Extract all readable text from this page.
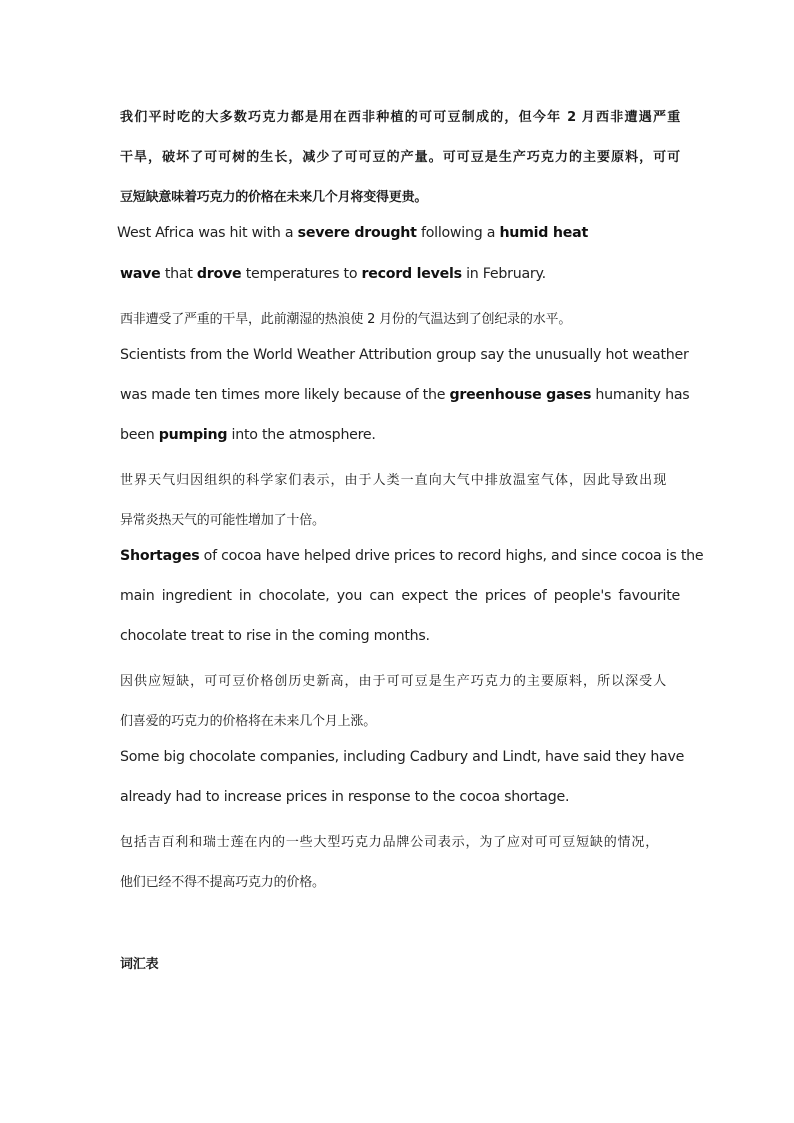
我们平时吃的大多数巧克力都是用在西非种植的可可豆制成的，但今年 2 月西非遭遇严重
干旱，破坏了可可树的生长，减少了可可豆的产量。可可豆是生产巧克力的主要原料，可可
豆短缺意味着巧克力的价格在未来几个月将变得更贵。
West Africa was hit with a severe drought following a humid heat
wave that drove temperatures to record levels in February.
西非遭受了严重的干旱，此前潮湿的热浪使 2 月份的气温达到了创纪录的水平。
Scientists from the World Weather Attribution group say the unusually hot weather
was made ten times more likely because of the greenhouse gases humanity has
been pumping into the atmosphere.
世界天气归因组织的科学家们表示，由于人类一直向大气中排放温室气体，因此导致出现
异常炎热天气的可能性增加了十倍。
Shortages of cocoa have helped drive prices to record highs, and since cocoa is the
main ingredient in chocolate, you can expect the prices of people's favourite
chocolate treat to rise in the coming months.
因供应短缺，可可豆价格创历史新高，由于可可豆是生产巧克力的主要原料，所以深受人
们喜爱的巧克力的价格将在未来几个月上涨。
Some big chocolate companies, including Cadbury and Lindt, have said they have
already had to increase prices in response to the cocoa shortage.
包括吉百利和瑞士莲在内的一些大型巧克力品牌公司表示，为了应对可可豆短缺的情况，
他们已经不得不提高巧克力的价格。
词汇表
